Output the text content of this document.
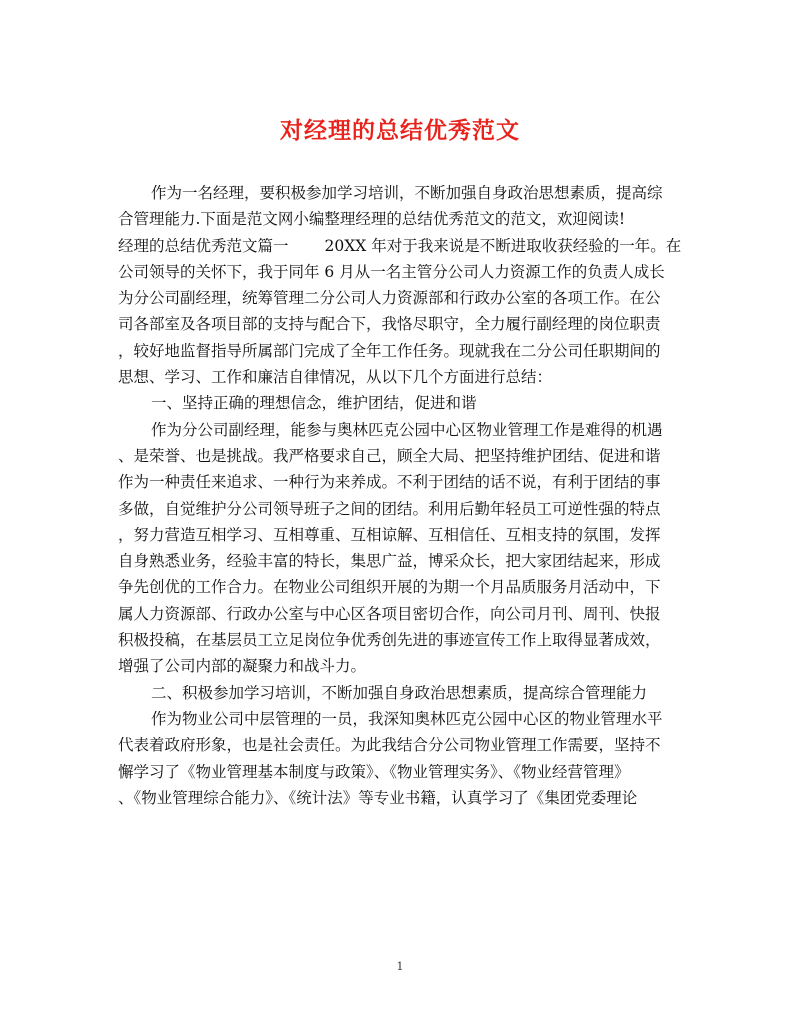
对经理的总结优秀范文
作为一名经理，要积极参加学习培训，不断加强自身政治思想素质，提高综
合管理能力.下面是范文网小编整理经理的总结优秀范文的范文，欢迎阅读!
经理的总结优秀范文篇一 20XX 年对于我来说是不断进取收获经验的一年。在
公司领导的关怀下，我于同年 6 月从一名主管分公司人力资源工作的负责人成长
为分公司副经理，统筹管理二分公司人力资源部和行政办公室的各项工作。在公
司各部室及各项目部的支持与配合下，我恪尽职守，全力履行副经理的岗位职责
，较好地监督指导所属部门完成了全年工作任务。现就我在二分公司任职期间的
思想、学习、工作和廉洁自律情况，从以下几个方面进行总结：
一、坚持正确的理想信念，维护团结，促进和谐
作为分公司副经理，能参与奥林匹克公园中心区物业管理工作是难得的机遇
、是荣誉、也是挑战。我严格要求自己，顾全大局、把坚持维护团结、促进和谐
作为一种责任来追求、一种行为来养成。不利于团结的话不说，有利于团结的事
多做，自觉维护分公司领导班子之间的团结。利用后勤年轻员工可逆性强的特点
，努力营造互相学习、互相尊重、互相谅解、互相信任、互相支持的氛围，发挥
自身熟悉业务，经验丰富的特长，集思广益，博采众长，把大家团结起来，形成
争先创优的工作合力。在物业公司组织开展的为期一个月品质服务月活动中，下
属人力资源部、行政办公室与中心区各项目密切合作，向公司月刊、周刊、快报
积极投稿，在基层员工立足岗位争优秀创先进的事迹宣传工作上取得显著成效，
增强了公司内部的凝聚力和战斗力。
二、积极参加学习培训，不断加强自身政治思想素质，提高综合管理能力
作为物业公司中层管理的一员，我深知奥林匹克公园中心区的物业管理水平
代表着政府形象，也是社会责任。为此我结合分公司物业管理工作需要，坚持不
懈学习了《物业管理基本制度与政策》、《物业管理实务》、《物业经营管理》
、《物业管理综合能力》、《统计法》等专业书籍，认真学习了《集团党委理论
1
